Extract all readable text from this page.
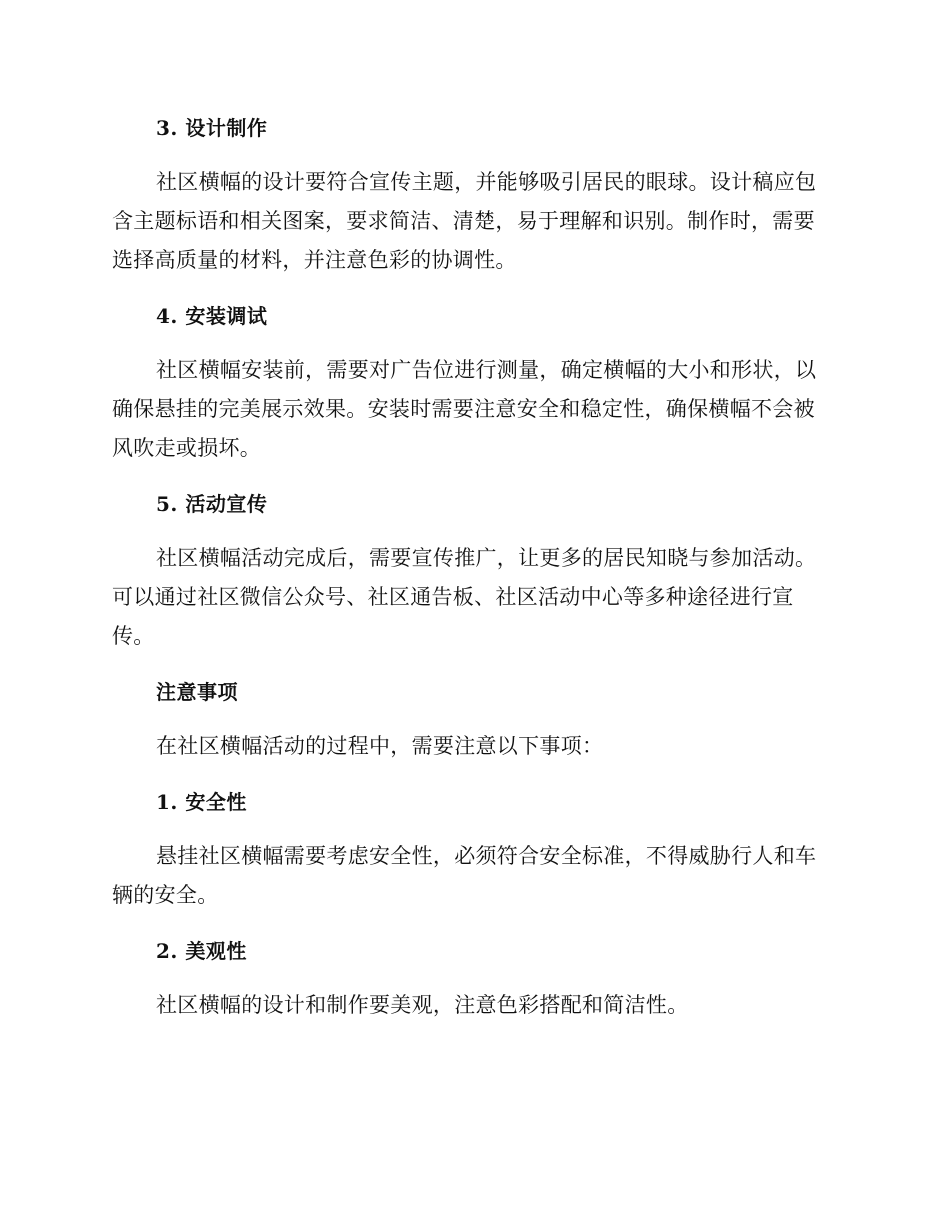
3. 设计制作

社区横幅的设计要符合宣传主题，并能够吸引居民的眼球。设计稿应包含主题标语和相关图案，要求简洁、清楚，易于理解和识别。制作时，需要选择高质量的材料，并注意色彩的协调性。

4. 安装调试

社区横幅安装前，需要对广告位进行测量，确定横幅的大小和形状，以确保悬挂的完美展示效果。安装时需要注意安全和稳定性，确保横幅不会被风吹走或损坏。

5. 活动宣传

社区横幅活动完成后，需要宣传推广，让更多的居民知晓与参加活动。可以通过社区微信公众号、社区通告板、社区活动中心等多种途径进行宣传。

注意事项

在社区横幅活动的过程中，需要注意以下事项：

1. 安全性

悬挂社区横幅需要考虑安全性，必须符合安全标准，不得威胁行人和车辆的安全。

2. 美观性

社区横幅的设计和制作要美观，注意色彩搭配和简洁性。
